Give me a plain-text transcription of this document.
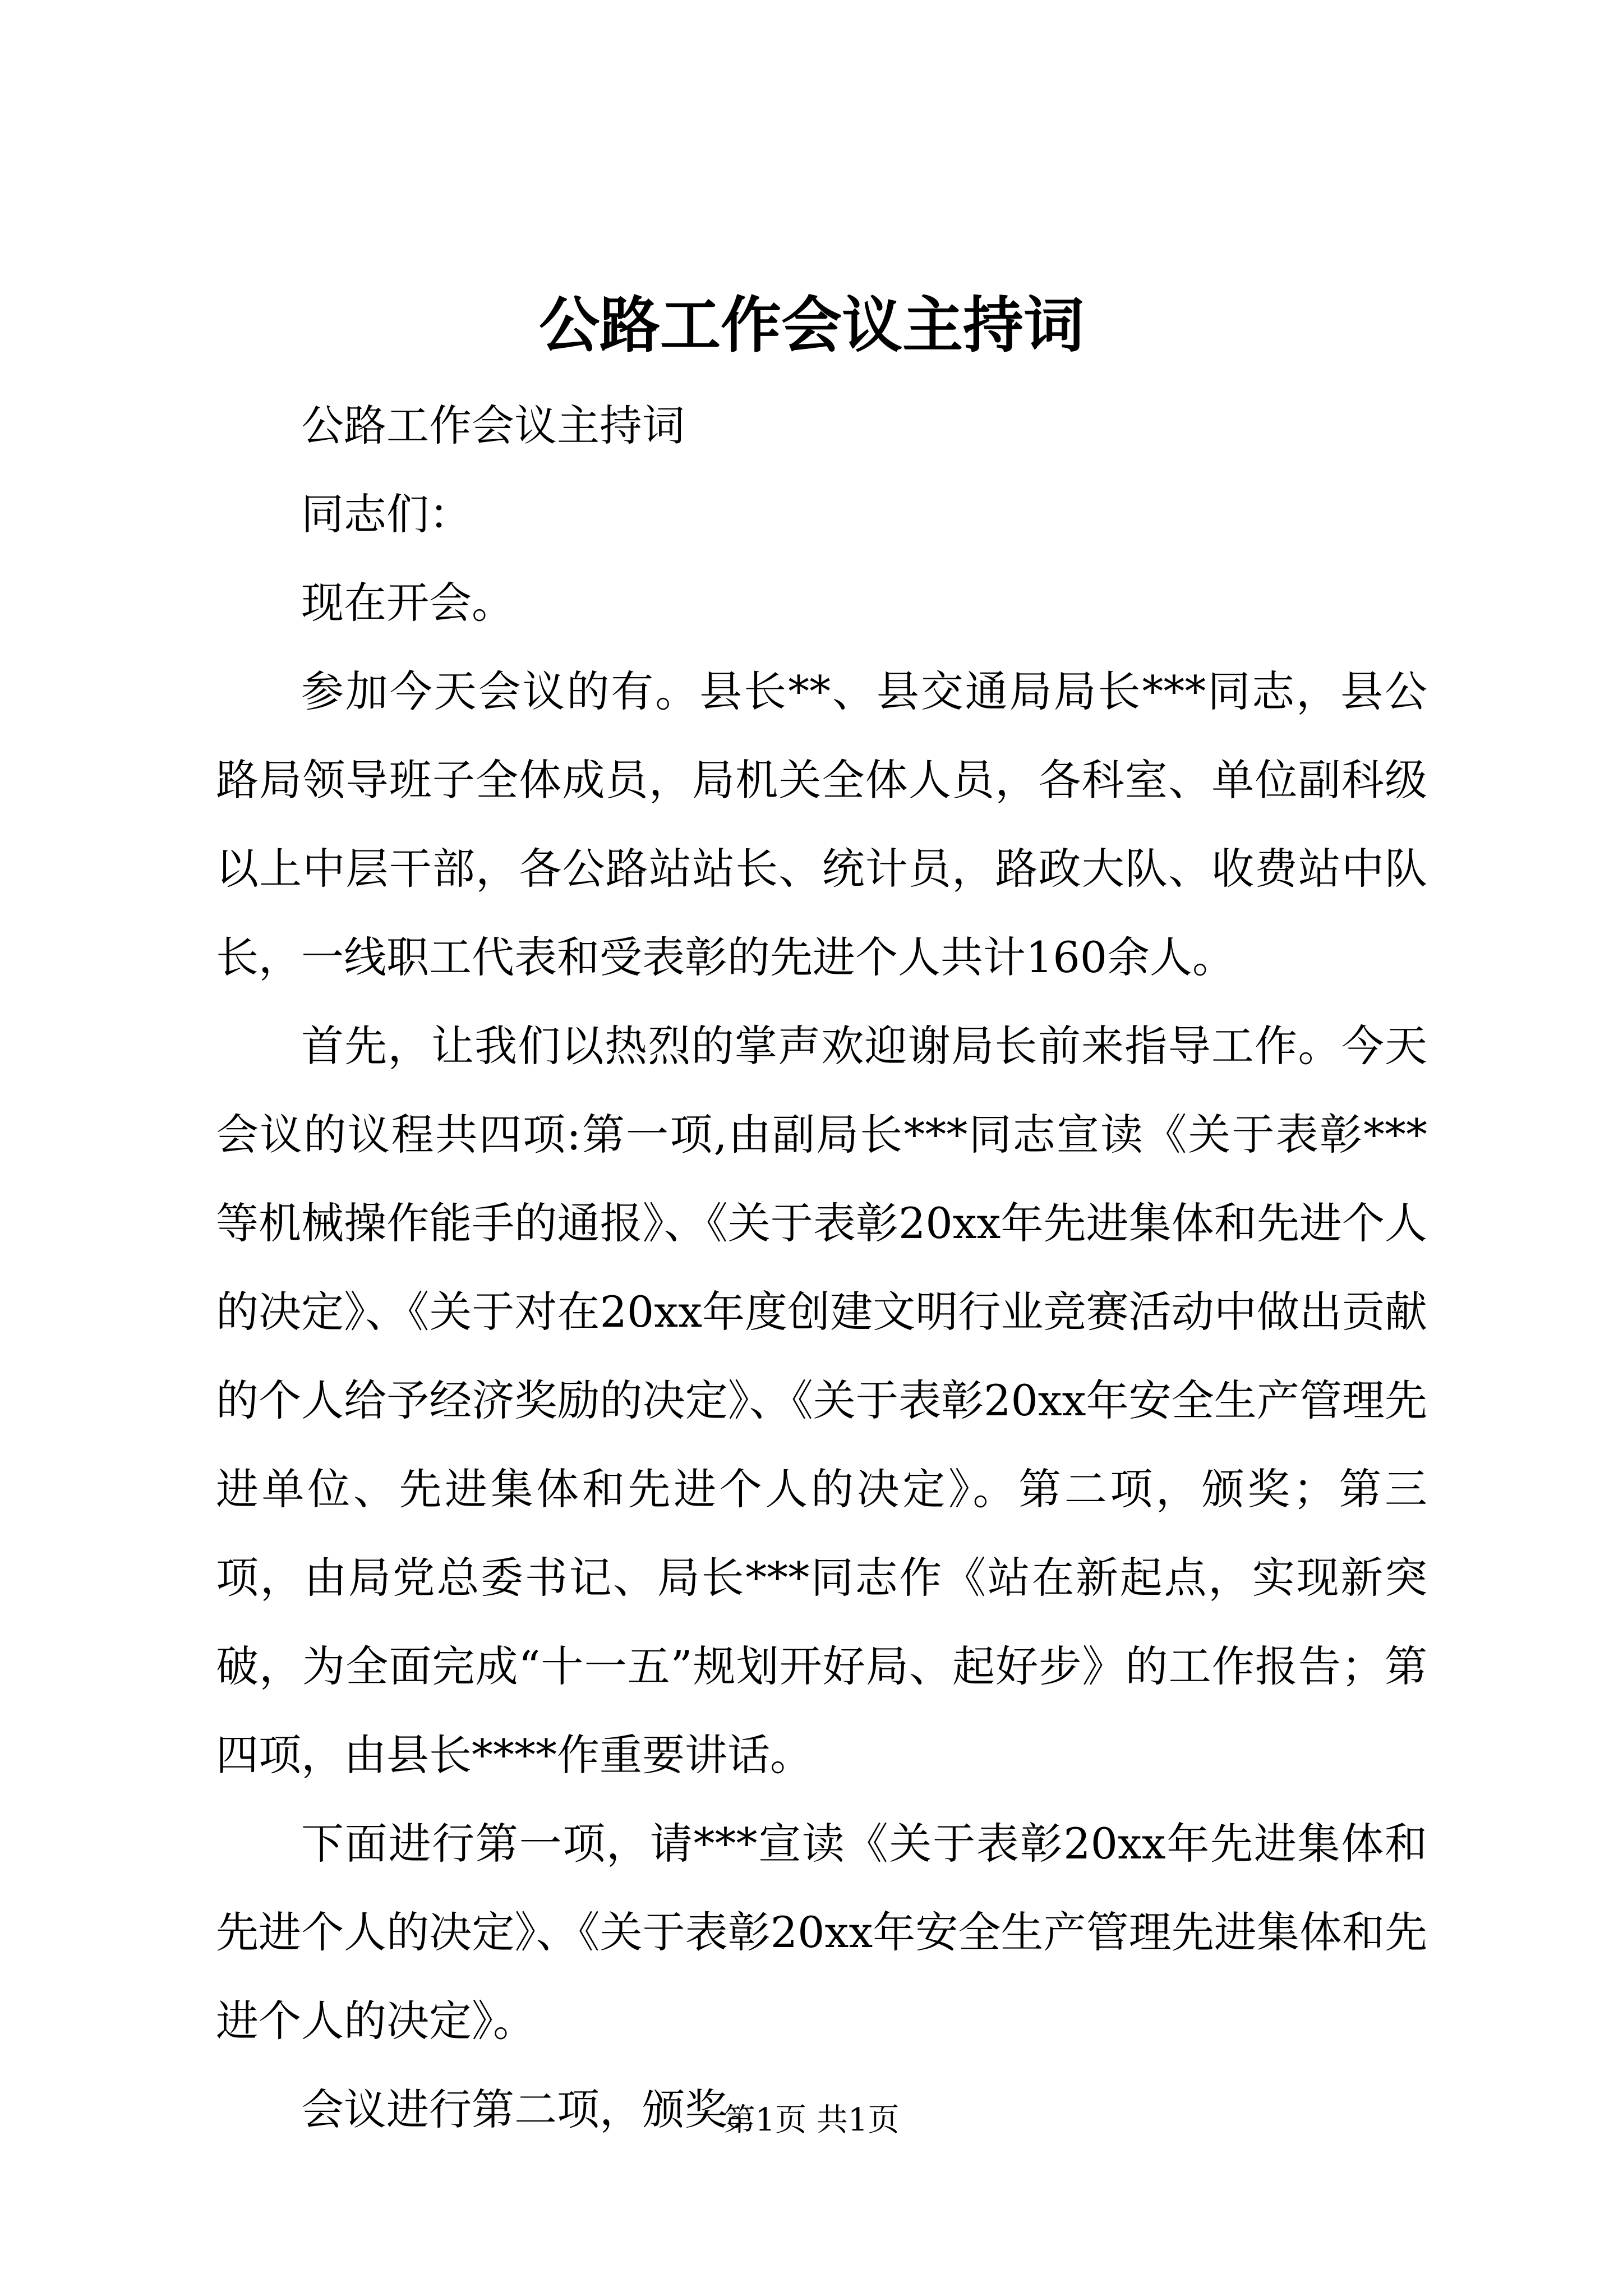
公路工作会议主持词

公路工作会议主持词

同志们：

现在开会。

参加今天会议的有。县长**、县交通局局长***同志，县公路局领导班子全体成员，局机关全体人员，各科室、单位副科级以上中层干部，各公路站站长、统计员，路政大队、收费站中队长，一线职工代表和受表彰的先进个人共计160余人。

首先，让我们以热烈的掌声欢迎谢局长前来指导工作。今天会议的议程共四项:第一项,由副局长***同志宣读《关于表彰***等机械操作能手的通报》、《关于表彰20xx年先进集体和先进个人的决定》、《关于对在20xx年度创建文明行业竞赛活动中做出贡献的个人给予经济奖励的决定》、《关于表彰20xx年安全生产管理先进单位、先进集体和先进个人的决定》。第二项，颁奖；第三项，由局党总委书记、局长***同志作《站在新起点，实现新突破，为全面完成“十一五”规划开好局、起好步》的工作报告；第四项，由县长****作重要讲话。

下面进行第一项，请***宣读《关于表彰20xx年先进集体和先进个人的决定》、《关于表彰20xx年安全生产管理先进集体和先进个人的决定》。

会议进行第二项，颁奖。

第1页 共1页
